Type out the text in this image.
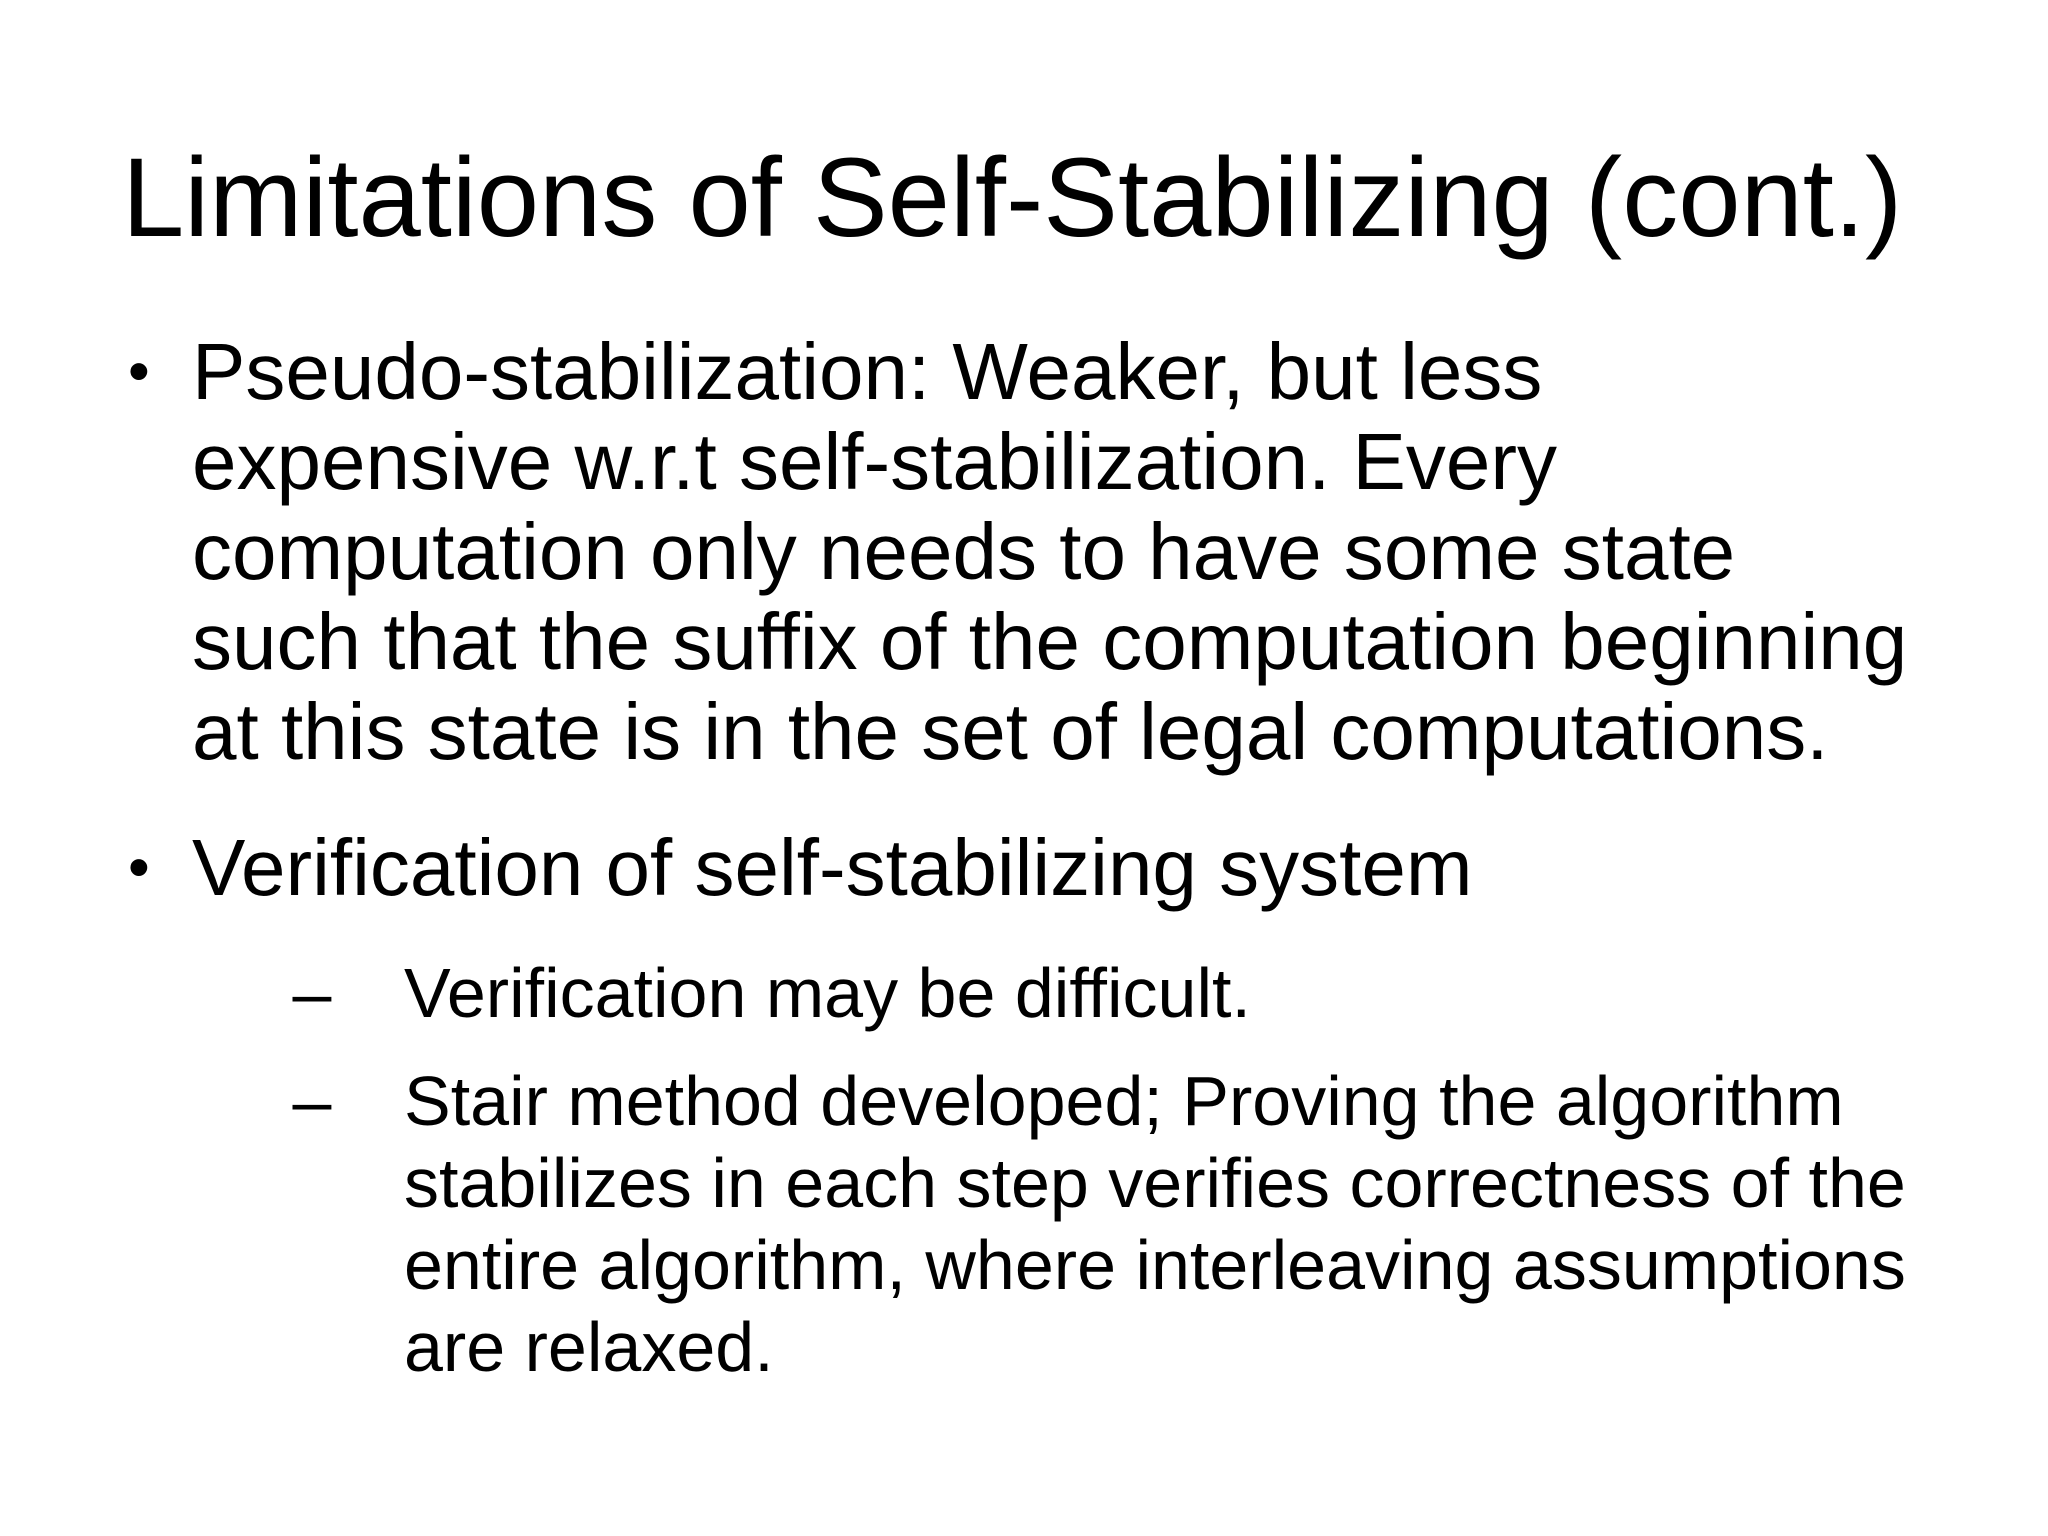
Limitations of Self-Stabilizing (cont.)
• Pseudo-stabilization: Weaker, but less
expensive w.r.t self-stabilization. Every
computation only needs to have some state
such that the suffix of the computation beginning
at this state is in the set of legal computations.
• Verification of self-stabilizing system
– Verification may be difficult.
– Stair method developed; Proving the algorithm
stabilizes in each step verifies correctness of the
entire algorithm, where interleaving assumptions
are relaxed.
